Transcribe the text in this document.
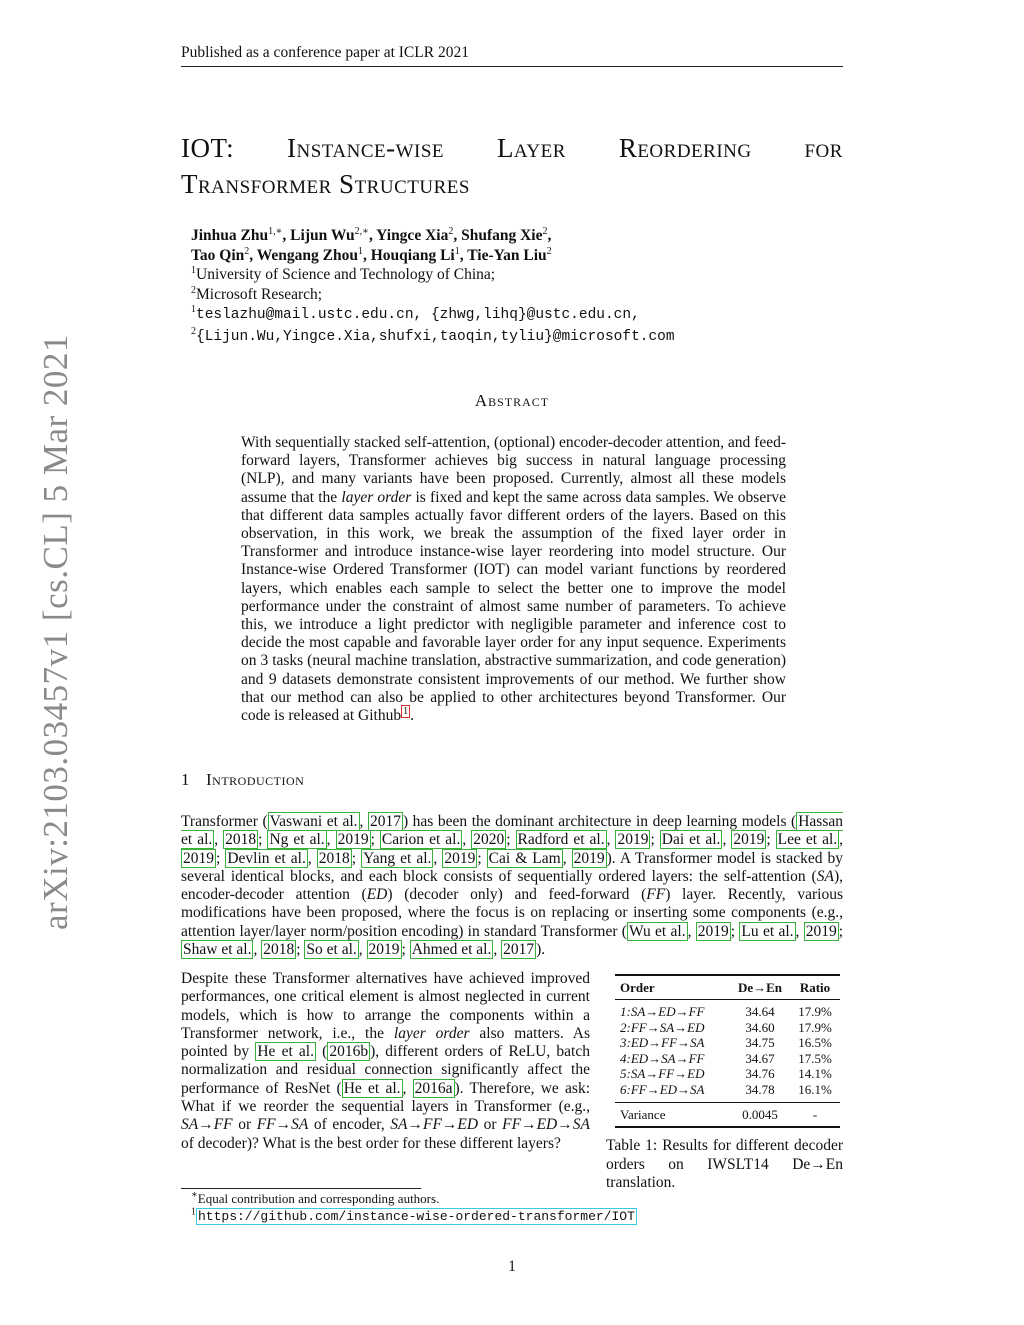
Published as a conference paper at ICLR 2021
IOT: Instance-wise Layer Reordering for
Transformer Structures
Jinhua Zhu$^{1,∗}$, Lijun $Wu^{2,∗}$, Yingce Xia$^2$, Shufang Xie$^2$,
Tao Qin$^2$, Wengang Zhou$^1$, Houqiang Li$^1$, Tie-Yan Liu$^2$
$^1$University of Science and Technology of China;
$^2$Microsoft Research;
$^1$teslazhu@mail.ustc.edu.cn, {zhwg,lihq}@ustc.edu.cn,
$^2${Lijun.Wu,Yingce.Xia,shufxi,taoqin,tyliu}@microsoft.com
arXiv:2103.03457v1 [cs.CL] 5 Mar 2021	Abstract
With sequentially stacked self-attention, (optional) encoder-decoder attention, and feed-forward layers, Transformer achieves big success in natural language processing (NLP), and many variants have been proposed. Currently, almost all these models assume that the layer order is fixed and kept the same across data samples. We observe that different data samples actually favor different orders of the layers. Based on this observation, in this work, we break the assumption of the fixed layer order in Transformer and introduce instance-wise layer reordering into model structure. Our Instance-wise Ordered Transformer (IOT) can model variant functions by reordered layers, which enables each sample to select the better one to improve the model performance under the constraint of almost same number of parameters. To achieve this, we introduce a light predictor with negligible parameter and inference cost to decide the most capable and favorable layer order for any input sequence. Experiments on 3 tasks (neural machine translation, abstractive summarization, and code generation) and 9 datasets demonstrate consistent improvements of our method. We further show that our method can also be applied to other architectures beyond Transformer. Our code is released at Github $^1$ .
1 Introduction
Transformer ( Vaswani et al. , 2017 ) has been the dominant architecture in deep learning models ( Hassan et al. , 2018 ; Ng et al. , 2019 ; Carion et al. , 2020 ; Radford et al. , 2019 ; Dai et al. , 2019 ; Lee et al. , 2019 ; Devlin et al. , 2018 ; Yang et al. , 2019 ; Cai & Lam , 2019 ). A Transformer model is stacked by several identical blocks, and each block consists of sequentially ordered layers: the self-attention (SA), encoder-decoder attention (ED) (decoder only) and feed-forward (FF) layer. Recently, various modifications have been proposed, where the focus is on replacing or inserting some components (e.g., attention layer/layer norm/position encoding) in standard Transformer ( Wu et al. , 2019 ; Lu et al. , 2019 ; Shaw et al. , 2018 ; So et al. , 2019 ; Ahmed et al. , 2017 ).
Despite these Transformer alternatives have achieved improved performances, one critical element is almost neglected in current models, which is how to arrange the components within a Transformer network, i.e., the layer order also matters. As pointed by He et al. ( 2016b ), different orders of ReLU, batch normalization and residual connection significantly affect the performance of ResNet ( He et al. , 2016a ). Therefore, we ask: What if we reorder the sequential layers in Transformer (e.g., SA→FF or FF→SA of encoder, SA→FF→ED or FF→ED→SA of decoder)? What is the best order for these different layers?
Order	De→En	Ratio
1:SA→ED→FF	34.64	17.9%
2:FF→SA→ED	34.60	17.9%
3:ED→FF→SA	34.75	16.5%
4:ED→SA→FF	34.67	17.5%
5:SA→FF→ED	34.76	14.1%
6:FF→ED→SA	34.78	16.1%
Variance	0.0045	-
Table 1: Results for different decoder orders on IWSLT14 De→En translation.
∗Equal contribution and corresponding authors.
$^1$ https://github.com/instance-wise-ordered-transformer/IOT
1
